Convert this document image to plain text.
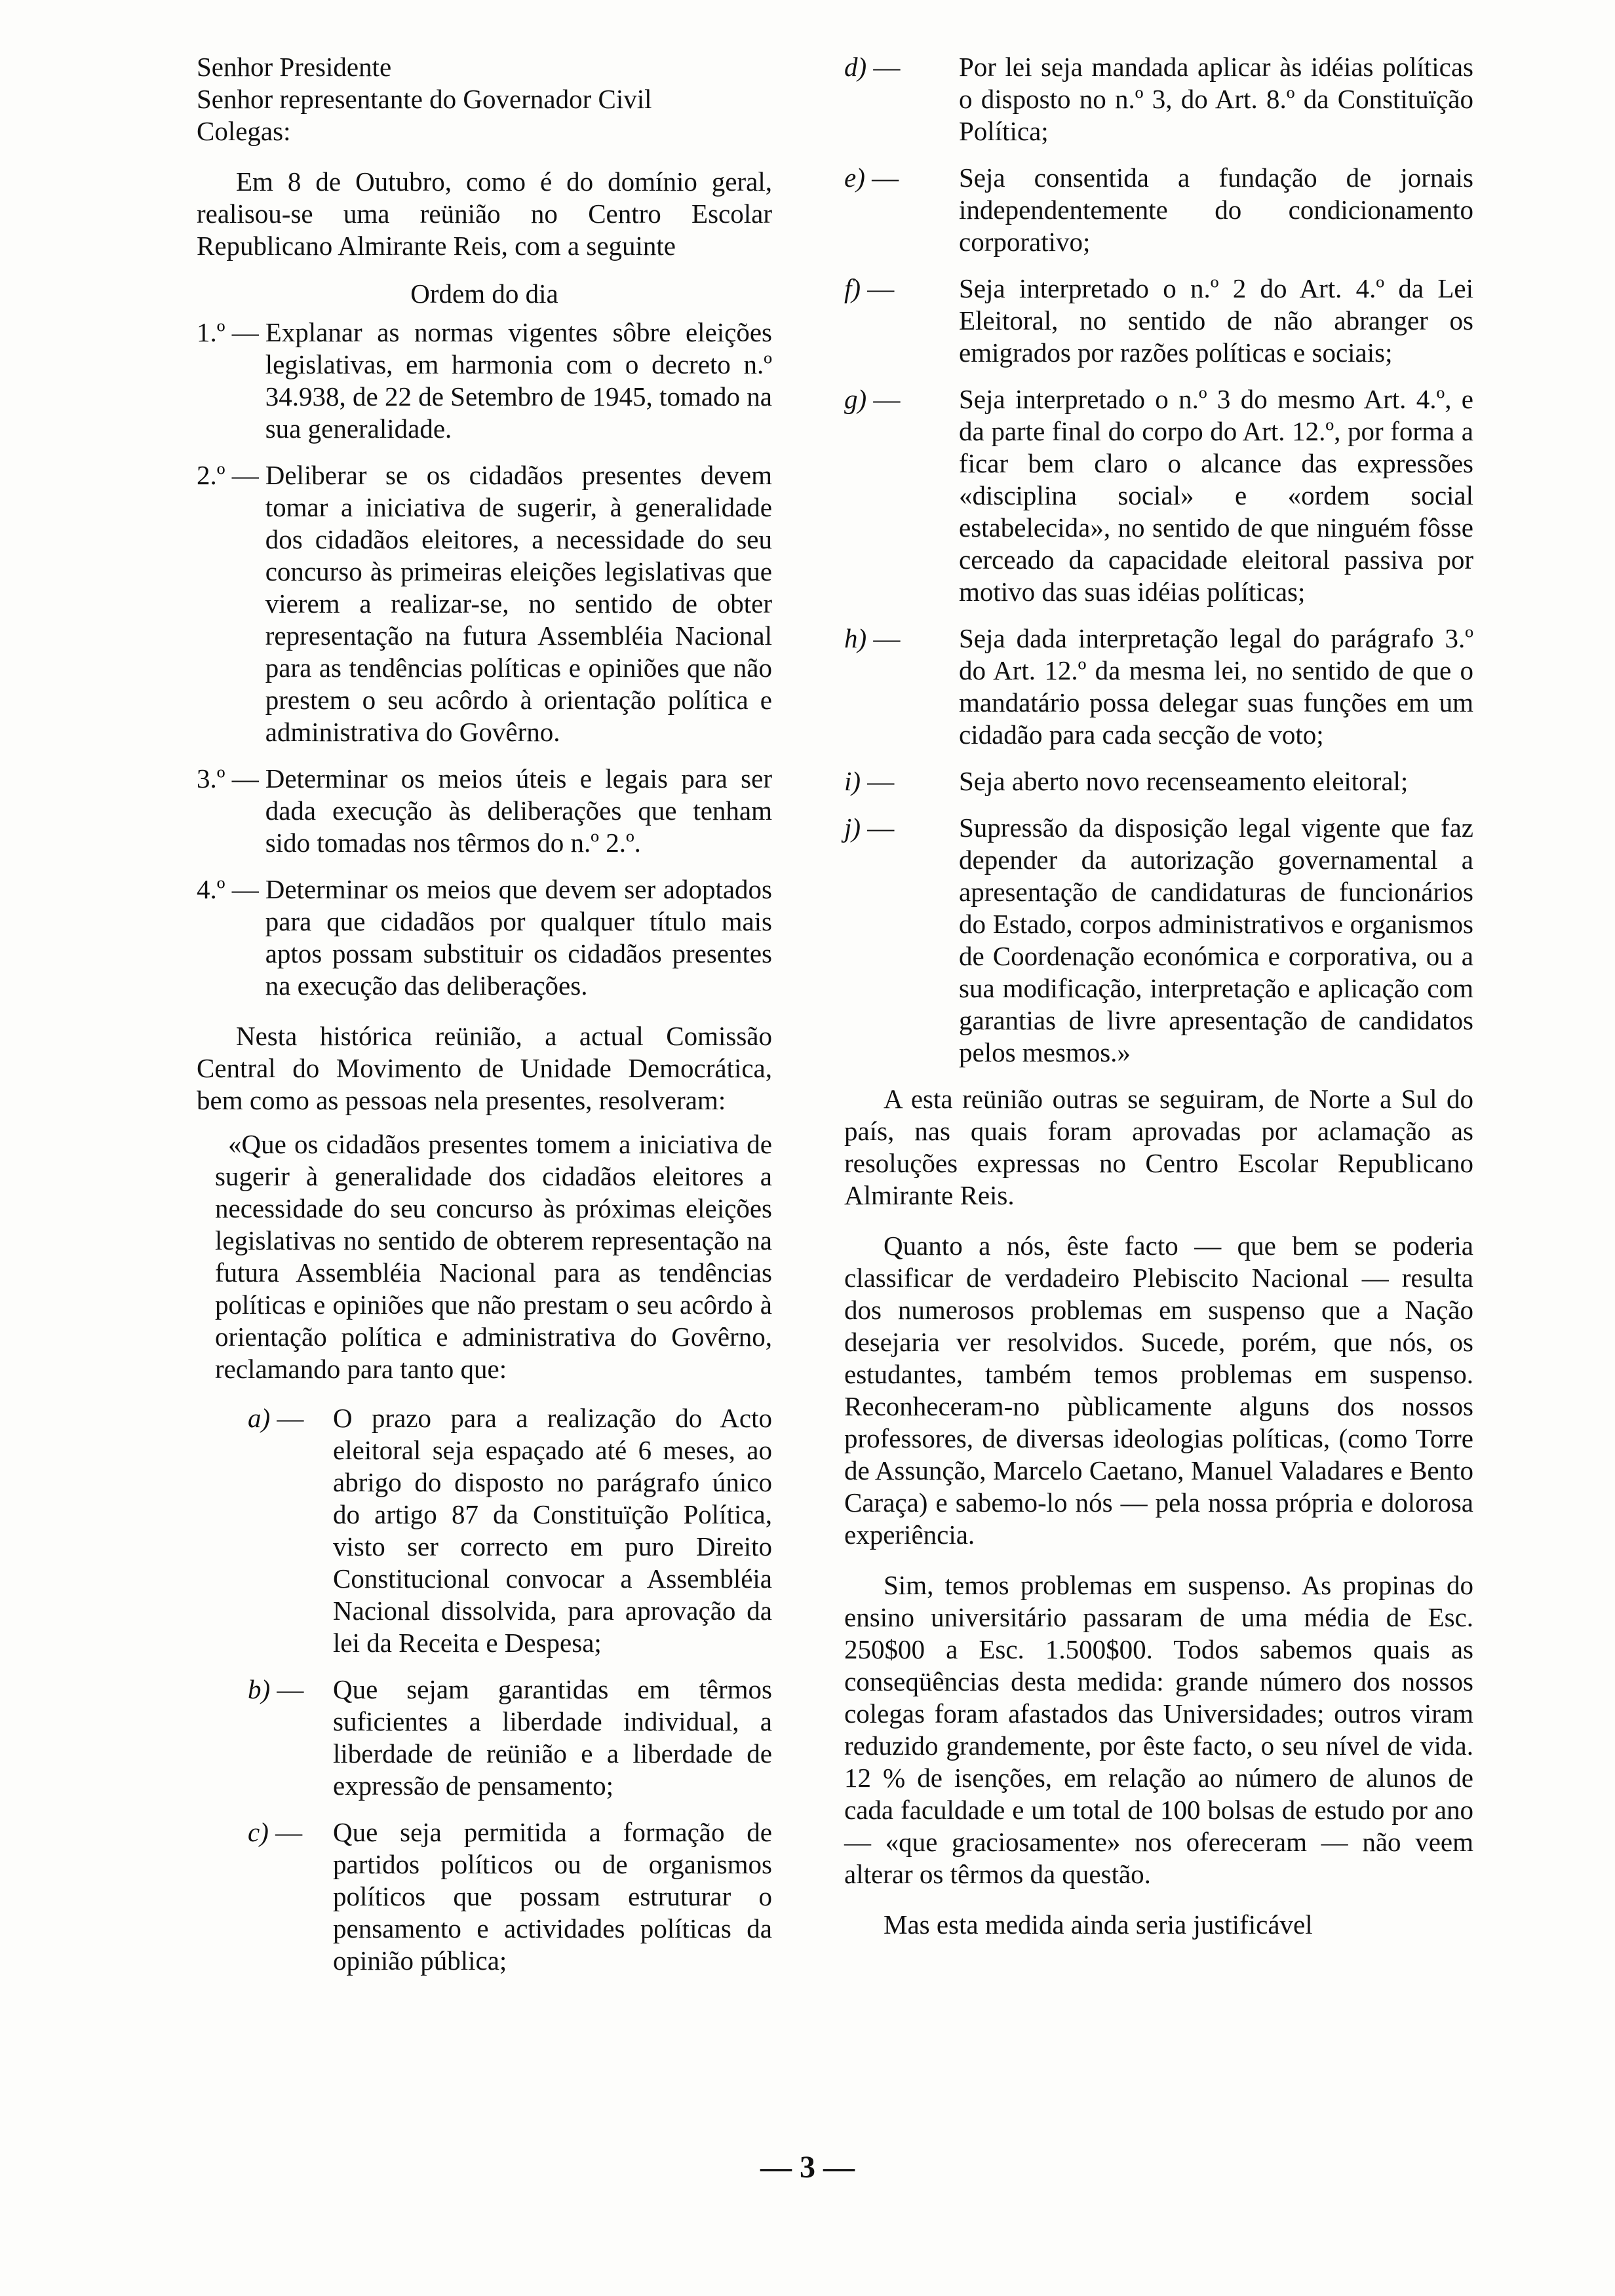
Senhor Presidente
Senhor representante do Governador Civil
Colegas:

Em 8 de Outubro, como é do domínio geral, realisou-se uma reünião no Centro Escolar Republicano Almirante Reis, com a seguinte

Ordem do dia
1.º — Explanar as normas vigentes sôbre eleições legislativas, em harmonia com o decreto n.º 34.938, de 22 de Setembro de 1945, tomado na sua generalidade.
2.º — Deliberar se os cidadãos presentes devem tomar a iniciativa de sugerir, à generalidade dos cidadãos eleitores, a necessidade do seu concurso às primeiras eleições legislativas que vierem a realizar-se, no sentido de obter representação na futura Assembléia Nacional para as tendências políticas e opiniões que não prestem o seu acôrdo à orientação política e administrativa do Govêrno.
3.º — Determinar os meios úteis e legais para ser dada execução às deliberações que tenham sido tomadas nos têrmos do n.º 2.º.
4.º — Determinar os meios que devem ser adoptados para que cidadãos por qualquer título mais aptos possam substituir os cidadãos presentes na execução das deliberações.

Nesta histórica reünião, a actual Comissão Central do Movimento de Unidade Democrática, bem como as pessoas nela presentes, resolveram:

«Que os cidadãos presentes tomem a iniciativa de sugerir à generalidade dos cidadãos eleitores a necessidade do seu concurso às próximas eleições legislativas no sentido de obterem representação na futura Assembléia Nacional para as tendências políticas e opiniões que não prestam o seu acôrdo à orientação política e administrativa do Govêrno, reclamando para tanto que:

a) —	O prazo para a realização do Acto eleitoral seja espaçado até 6 meses, ao abrigo do disposto no parágrafo único do artigo 87 da Constituïção Política, visto ser correcto em puro Direito Constitucional convocar a Assembléia Nacional dissolvida, para aprovação da lei da Receita e Despesa;
b) —	Que sejam garantidas em têrmos suficientes a liberdade individual, a liberdade de reünião e a liberdade de expressão de pensamento;
c) —	Que seja permitida a formação de partidos políticos ou de organismos políticos que possam estruturar o pensamento e actividades políticas da opinião pública;
d) —	Por lei seja mandada aplicar às idéias políticas o disposto no n.º 3, do Art. 8.º da Constituïção Política;
e) —	Seja consentida a fundação de jornais independentemente do condicionamento corporativo;
f) —	Seja interpretado o n.º 2 do Art. 4.º da Lei Eleitoral, no sentido de não abranger os emigrados por razões políticas e sociais;
g) —	Seja interpretado o n.º 3 do mesmo Art. 4.º, e da parte final do corpo do Art. 12.º, por forma a ficar bem claro o alcance das expressões «disciplina social» e «ordem social estabelecida», no sentido de que ninguém fôsse cerceado da capacidade eleitoral passiva por motivo das suas idéias políticas;
h) —	Seja dada interpretação legal do parágrafo 3.º do Art. 12.º da mesma lei, no sentido de que o mandatário possa delegar suas funções em um cidadão para cada secção de voto;
i) —	Seja aberto novo recenseamento eleitoral;
j) —	Supressão da disposição legal vigente que faz depender da autorização governamental a apresentação de candidaturas de funcionários do Estado, corpos administrativos e organismos de Coordenação económica e corporativa, ou a sua modificação, interpretação e aplicação com garantias de livre apresentação de candidatos pelos mesmos.»

A esta reünião outras se seguiram, de Norte a Sul do país, nas quais foram aprovadas por aclamação as resoluções expressas no Centro Escolar Republicano Almirante Reis.

Quanto a nós, êste facto — que bem se poderia classificar de verdadeiro Plebiscito Nacional — resulta dos numerosos problemas em suspenso que a Nação desejaria ver resolvidos. Sucede, porém, que nós, os estudantes, também temos problemas em suspenso. Reconheceram-no pùblicamente alguns dos nossos professores, de diversas ideologias políticas, (como Torre de Assunção, Marcelo Caetano, Manuel Valadares e Bento Caraça) e sabemo-lo nós — pela nossa própria e dolorosa experiência.

Sim, temos problemas em suspenso. As propinas do ensino universitário passaram de uma média de Esc. 250$00 a Esc. 1.500$00. Todos sabemos quais as conseqüências desta medida: grande número dos nossos colegas foram afastados das Universidades; outros viram reduzido grandemente, por êste facto, o seu nível de vida. 12 % de isenções, em relação ao número de alunos de cada faculdade e um total de 100 bolsas de estudo por ano — «que graciosamente» nos ofereceram — não veem alterar os têrmos da questão.

Mas esta medida ainda seria justificável

— 3 —
